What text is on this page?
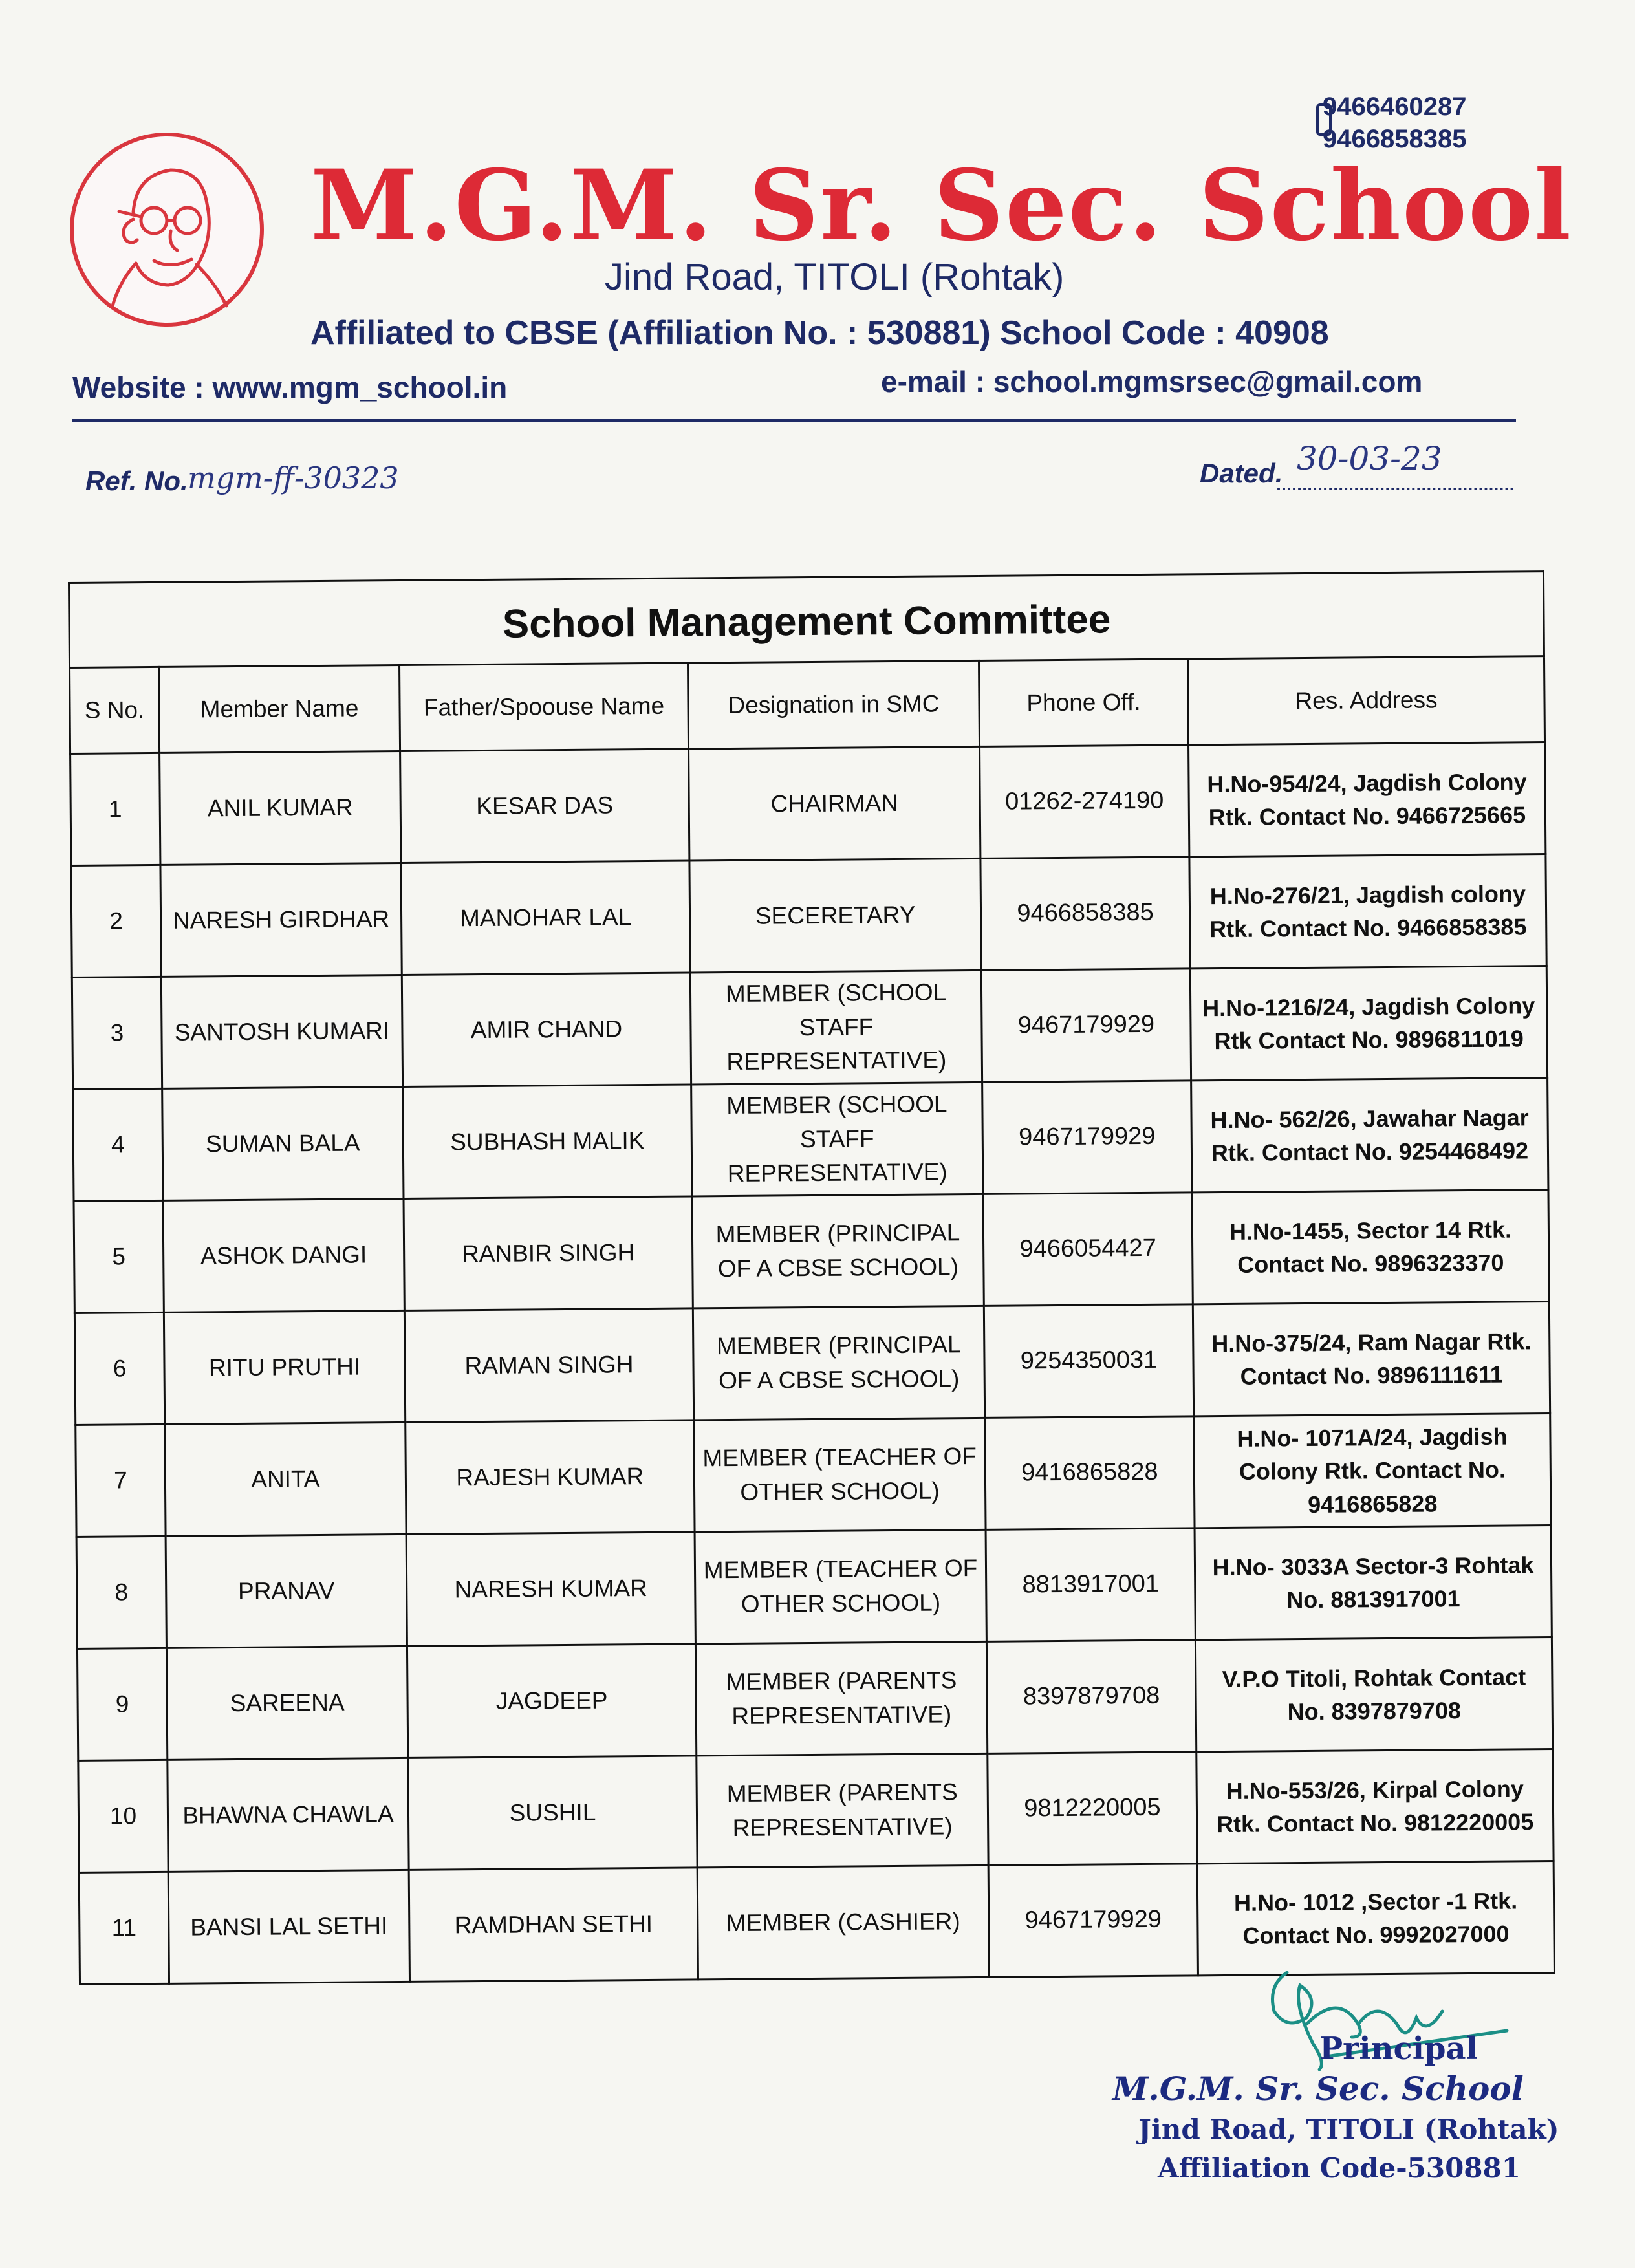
9466460287
9466858385
M.G.M. Sr. Sec. School
Jind Road, TITOLI (Rohtak)
Affiliated to CBSE (Affiliation No. : 530881) School Code : 40908
Website : www.mgm_school.in	e-mail : school.mgmsrsec@gmail.com
Ref. No. mgm-ff-30323	Dated. 30-03-23
School Management Committee					
S No.	Member Name	Father/Spoouse Name	Designation in SMC	Phone Off.	Res. Address
1	ANIL KUMAR	KESAR DAS	CHAIRMAN	01262-274190	H.No-954/24, Jagdish Colony Rtk. Contact No. 9466725665
2	NARESH GIRDHAR	MANOHAR LAL	SECERETARY	9466858385	H.No-276/21, Jagdish colony Rtk. Contact No. 9466858385
3	SANTOSH KUMARI	AMIR CHAND	MEMBER (SCHOOL STAFF REPRESENTATIVE)	9467179929	H.No-1216/24, Jagdish Colony Rtk Contact No. 9896811019
4	SUMAN BALA	SUBHASH MALIK	MEMBER (SCHOOL STAFF REPRESENTATIVE)	9467179929	H.No- 562/26, Jawahar Nagar Rtk. Contact No. 9254468492
5	ASHOK DANGI	RANBIR SINGH	MEMBER (PRINCIPAL OF A CBSE SCHOOL)	9466054427	H.No-1455, Sector 14 Rtk. Contact No. 9896323370
6	RITU PRUTHI	RAMAN SINGH	MEMBER (PRINCIPAL OF A CBSE SCHOOL)	9254350031	H.No-375/24, Ram Nagar Rtk. Contact No. 9896111611
7	ANITA	RAJESH KUMAR	MEMBER (TEACHER OF OTHER SCHOOL)	9416865828	H.No- 1071A/24, Jagdish Colony Rtk. Contact No. 9416865828
8	PRANAV	NARESH KUMAR	MEMBER (TEACHER OF OTHER SCHOOL)	8813917001	H.No- 3033A Sector-3 Rohtak No. 8813917001
9	SAREENA	JAGDEEP	MEMBER (PARENTS REPRESENTATIVE)	8397879708	V.P.O Titoli, Rohtak Contact No. 8397879708
10	BHAWNA CHAWLA	SUSHIL	MEMBER (PARENTS REPRESENTATIVE)	9812220005	H.No-553/26, Kirpal Colony Rtk. Contact No. 9812220005
11	BANSI LAL SETHI	RAMDHAN SETHI	MEMBER (CASHIER)	9467179929	H.No- 1012 ,Sector -1 Rtk. Contact No. 9992027000
Principal
M.G.M. Sr. Sec. School
Jind Road, TITOLI (Rohtak)
Affiliation Code-530881
